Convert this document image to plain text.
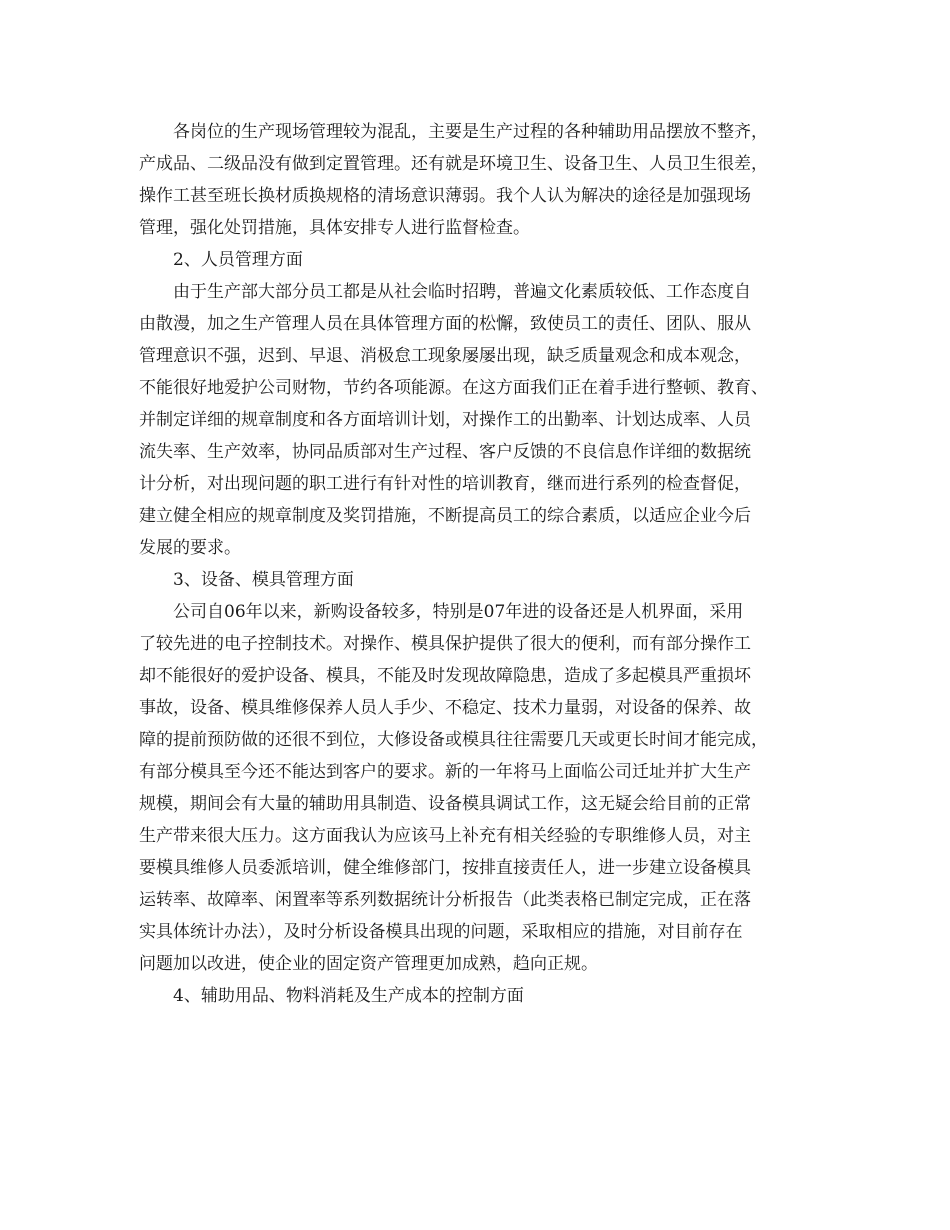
各岗位的生产现场管理较为混乱，主要是生产过程的各种辅助用品摆放不整齐，
产成品、二级品没有做到定置管理。还有就是环境卫生、设备卫生、人员卫生很差，
操作工甚至班长换材质换规格的清场意识薄弱。我个人认为解决的途径是加强现场
管理，强化处罚措施，具体安排专人进行监督检查。
2、人员管理方面
由于生产部大部分员工都是从社会临时招聘，普遍文化素质较低、工作态度自
由散漫，加之生产管理人员在具体管理方面的松懈，致使员工的责任、团队、服从
管理意识不强，迟到、早退、消极怠工现象屡屡出现，缺乏质量观念和成本观念，
不能很好地爱护公司财物，节约各项能源。在这方面我们正在着手进行整顿、教育、
并制定详细的规章制度和各方面培训计划，对操作工的出勤率、计划达成率、人员
流失率、生产效率，协同品质部对生产过程、客户反馈的不良信息作详细的数据统
计分析，对出现问题的职工进行有针对性的培训教育，继而进行系列的检查督促，
建立健全相应的规章制度及奖罚措施，不断提高员工的综合素质，以适应企业今后
发展的要求。
3、设备、模具管理方面
公司自06年以来，新购设备较多，特别是07年进的设备还是人机界面，采用
了较先进的电子控制技术。对操作、模具保护提供了很大的便利，而有部分操作工
却不能很好的爱护设备、模具，不能及时发现故障隐患，造成了多起模具严重损坏
事故，设备、模具维修保养人员人手少、不稳定、技术力量弱，对设备的保养、故
障的提前预防做的还很不到位，大修设备或模具往往需要几天或更长时间才能完成，
有部分模具至今还不能达到客户的要求。新的一年将马上面临公司迁址并扩大生产
规模，期间会有大量的辅助用具制造、设备模具调试工作，这无疑会给目前的正常
生产带来很大压力。这方面我认为应该马上补充有相关经验的专职维修人员，对主
要模具维修人员委派培训，健全维修部门，按排直接责任人，进一步建立设备模具
运转率、故障率、闲置率等系列数据统计分析报告（此类表格已制定完成，正在落
实具体统计办法），及时分析设备模具出现的问题，采取相应的措施，对目前存在
问题加以改进，使企业的固定资产管理更加成熟，趋向正规。
4、辅助用品、物料消耗及生产成本的控制方面
